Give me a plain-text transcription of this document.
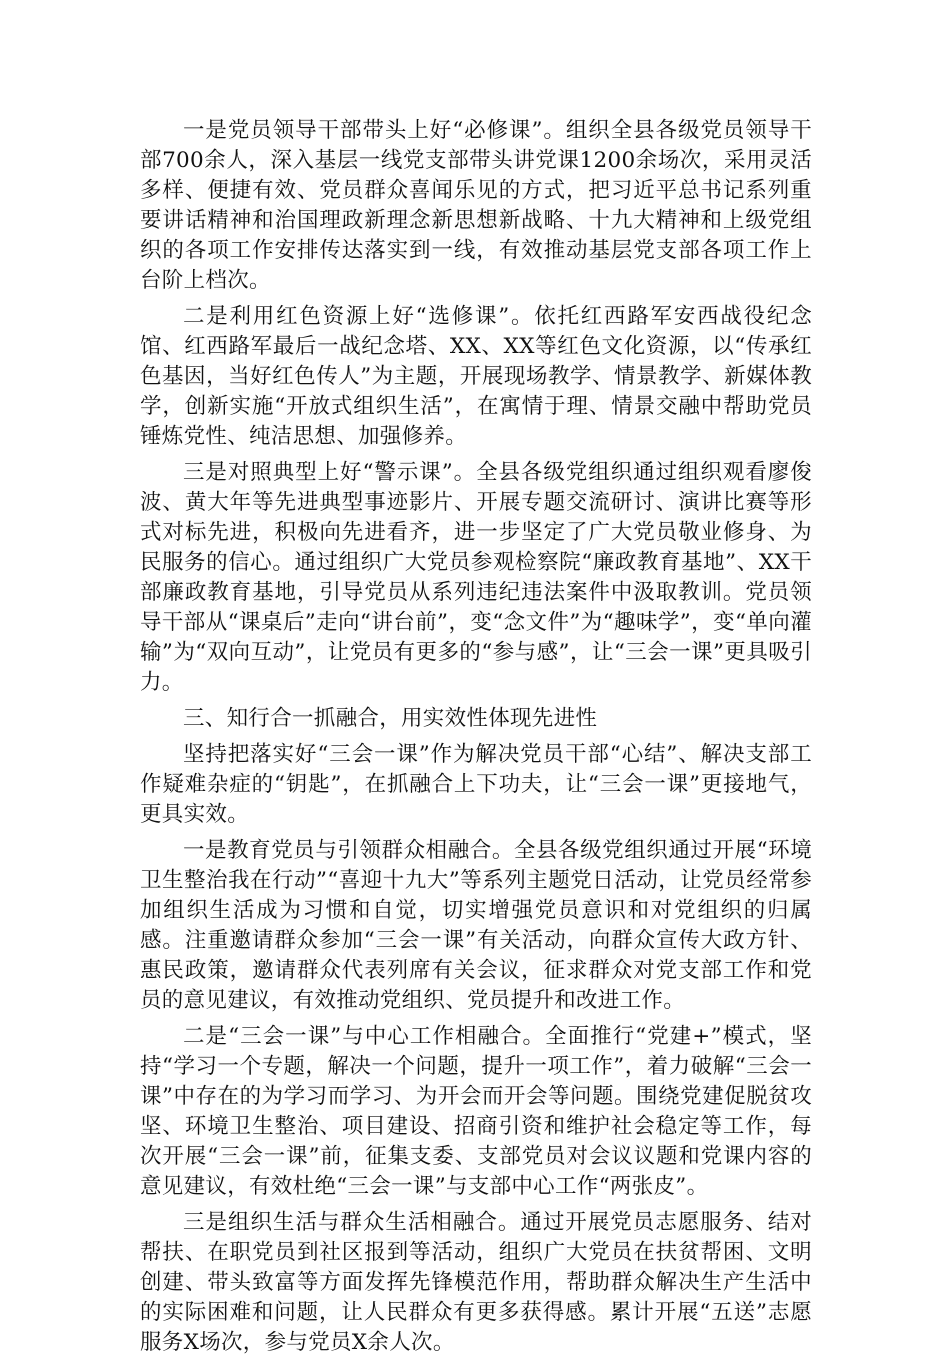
一是党员领导干部带头上好“必修课”。组织全县各级党员领导干部700余人，深入基层一线党支部带头讲党课1200余场次，采用灵活多样、便捷有效、党员群众喜闻乐见的方式，把习近平总书记系列重要讲话精神和治国理政新理念新思想新战略、十九大精神和上级党组织的各项工作安排传达落实到一线，有效推动基层党支部各项工作上台阶上档次。

二是利用红色资源上好“选修课”。依托红西路军安西战役纪念馆、红西路军最后一战纪念塔、XX、XX等红色文化资源，以“传承红色基因，当好红色传人”为主题，开展现场教学、情景教学、新媒体教学，创新实施“开放式组织生活”，在寓情于理、情景交融中帮助党员锤炼党性、纯洁思想、加强修养。

三是对照典型上好“警示课”。全县各级党组织通过组织观看廖俊波、黄大年等先进典型事迹影片、开展专题交流研讨、演讲比赛等形式对标先进，积极向先进看齐，进一步坚定了广大党员敬业修身、为民服务的信心。通过组织广大党员参观检察院“廉政教育基地”、XX干部廉政教育基地，引导党员从系列违纪违法案件中汲取教训。党员领导干部从“课桌后”走向“讲台前”，变“念文件”为“趣味学”，变“单向灌输”为“双向互动”，让党员有更多的“参与感”，让“三会一课”更具吸引力。

三、知行合一抓融合，用实效性体现先进性

坚持把落实好“三会一课”作为解决党员干部“心结”、解决支部工作疑难杂症的“钥匙”，在抓融合上下功夫，让“三会一课”更接地气，更具实效。

一是教育党员与引领群众相融合。全县各级党组织通过开展“环境卫生整治我在行动”“喜迎十九大”等系列主题党日活动，让党员经常参加组织生活成为习惯和自觉，切实增强党员意识和对党组织的归属感。注重邀请群众参加“三会一课”有关活动，向群众宣传大政方针、惠民政策，邀请群众代表列席有关会议，征求群众对党支部工作和党员的意见建议，有效推动党组织、党员提升和改进工作。

二是“三会一课”与中心工作相融合。全面推行“党建+”模式，坚持“学习一个专题，解决一个问题，提升一项工作”，着力破解“三会一课”中存在的为学习而学习、为开会而开会等问题。围绕党建促脱贫攻坚、环境卫生整治、项目建设、招商引资和维护社会稳定等工作，每次开展“三会一课”前，征集支委、支部党员对会议议题和党课内容的意见建议，有效杜绝“三会一课”与支部中心工作“两张皮”。

三是组织生活与群众生活相融合。通过开展党员志愿服务、结对帮扶、在职党员到社区报到等活动，组织广大党员在扶贫帮困、文明创建、带头致富等方面发挥先锋模范作用，帮助群众解决生产生活中的实际困难和问题，让人民群众有更多获得感。累计开展“五送”志愿服务X场次，参与党员X余人次。
